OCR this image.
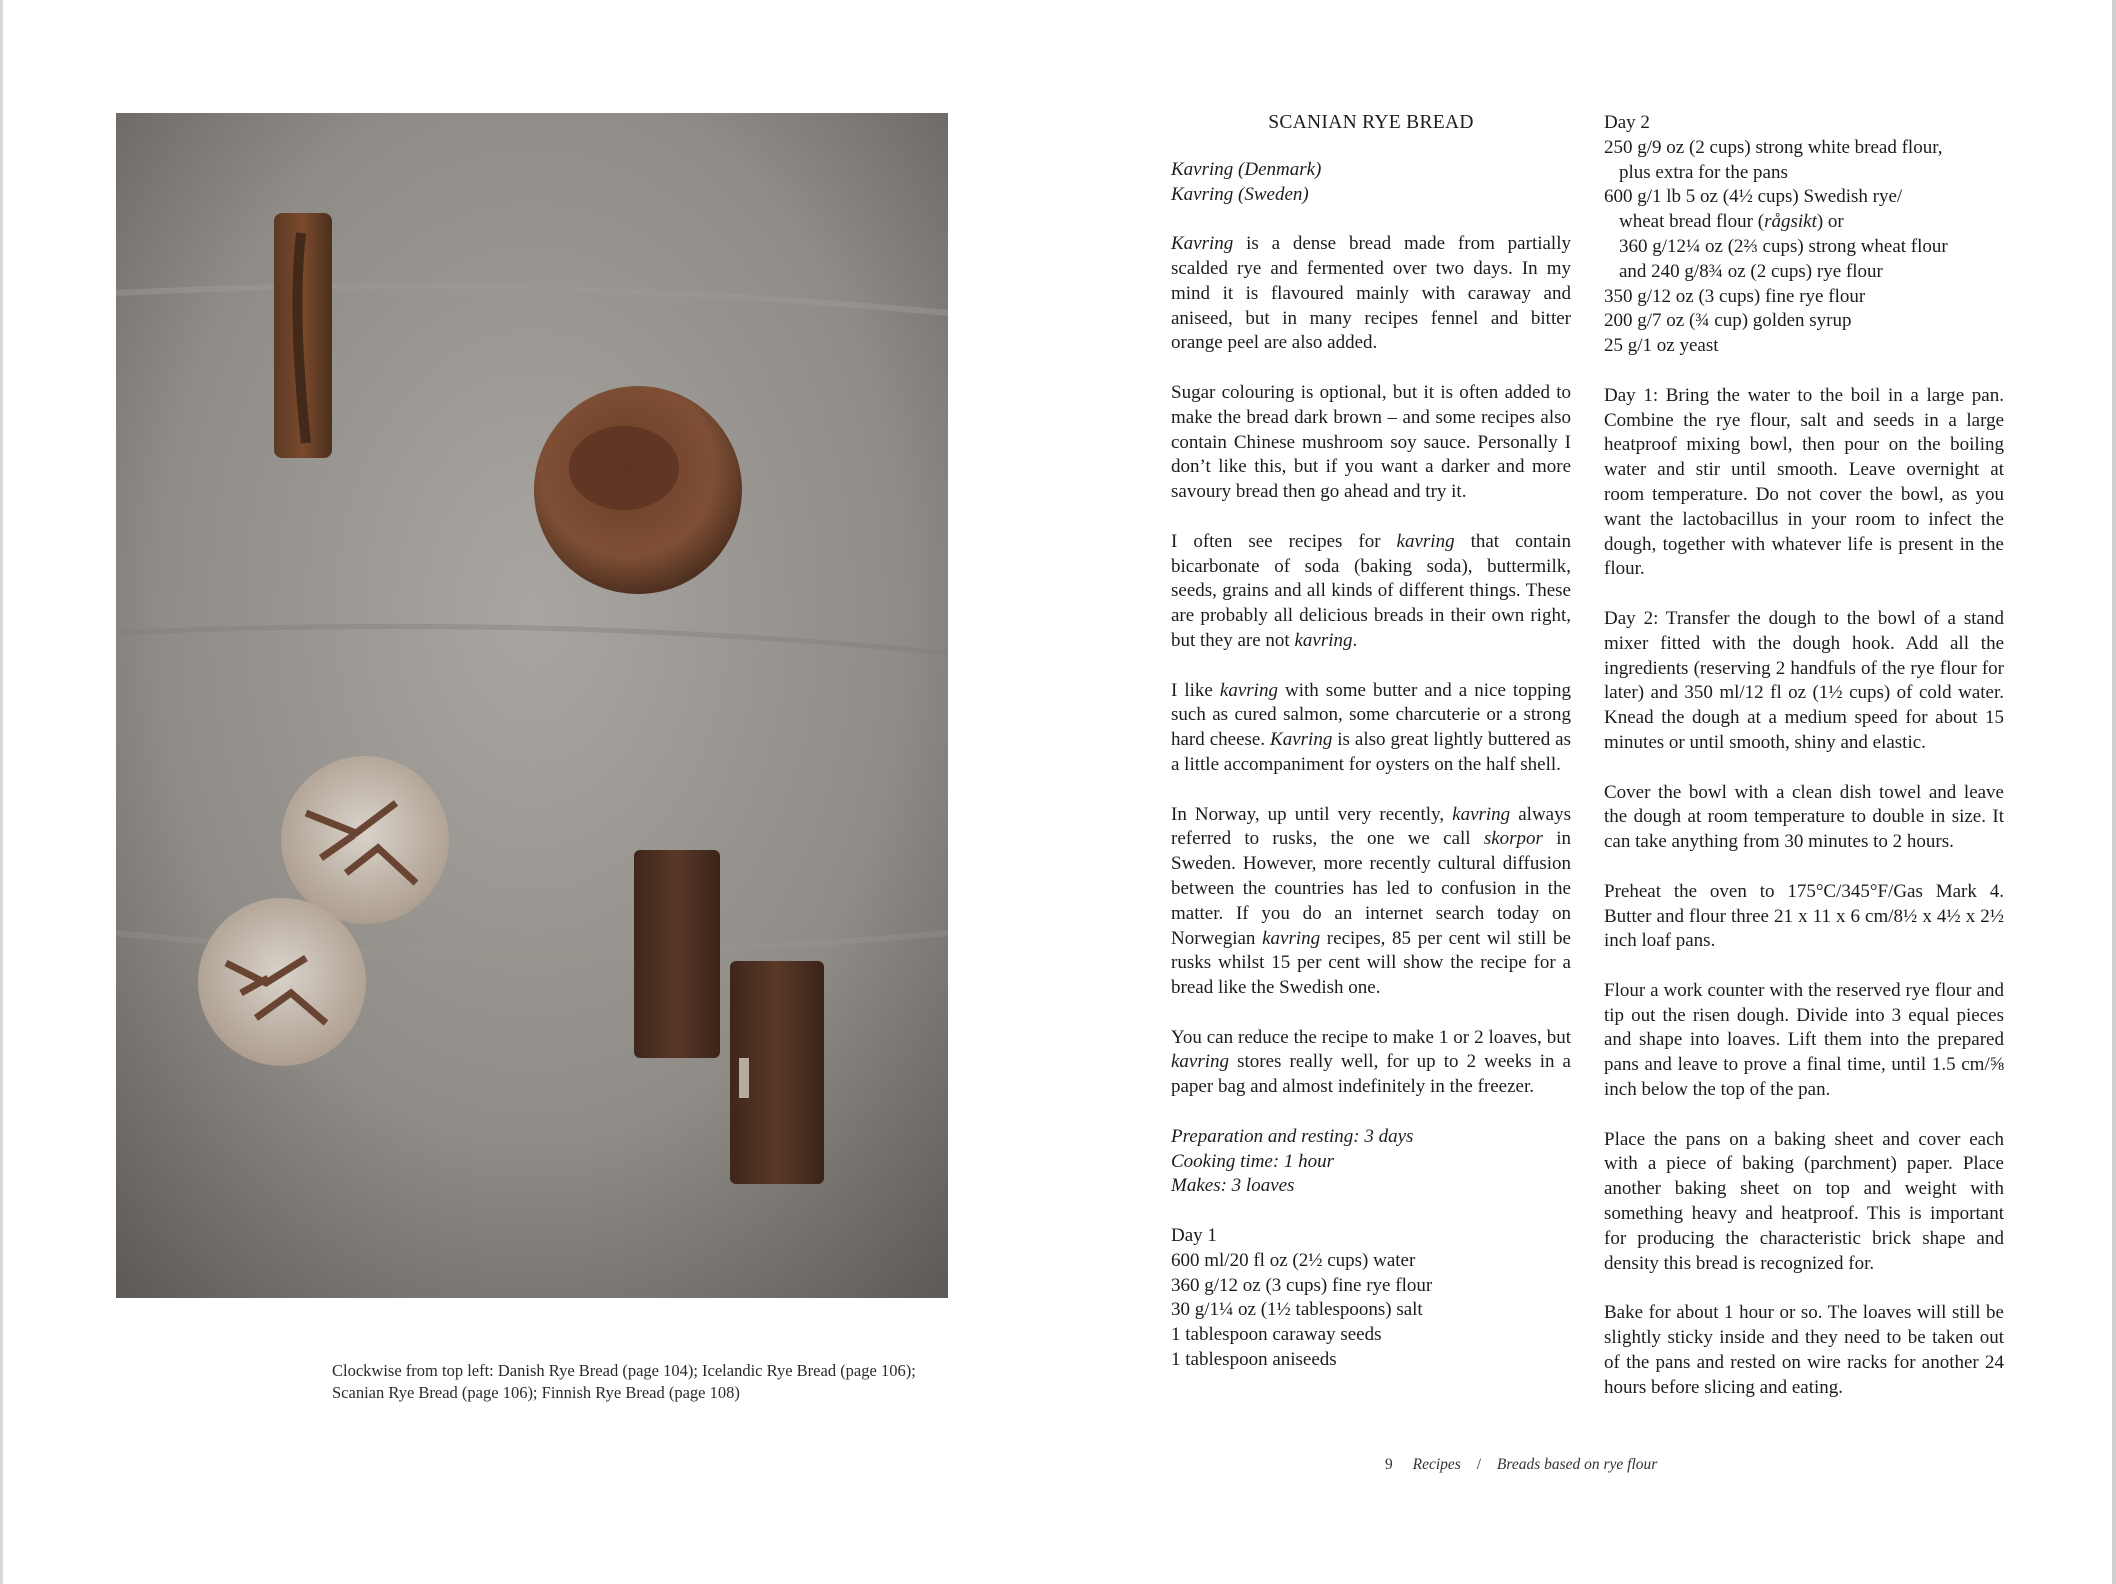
Clockwise from top left: Danish Rye Bread (page 104); Icelandic Rye Bread (page 106);
Scanian Rye Bread (page 106); Finnish Rye Bread (page 108)
SCANIAN RYE BREAD
Kavring (Denmark)
Kavring (Sweden)

Kavring is a dense bread made from partially scalded rye and fermented over two days. In my mind it is flavoured mainly with caraway and aniseed, but in many recipes fennel and bitter orange peel are also added.

Sugar colouring is optional, but it is often added to make the bread dark brown – and some recipes also contain Chinese mushroom soy sauce. Personally I don’t like this, but if you want a darker and more savoury bread then go ahead and try it.

I often see recipes for kavring that contain bicarbonate of soda (baking soda), buttermilk, seeds, grains and all kinds of different things. These are probably all delicious breads in their own right, but they are not kavring.

I like kavring with some butter and a nice topping such as cured salmon, some charcuterie or a strong hard cheese. Kavring is also great lightly buttered as a little accompaniment for oysters on the half shell.

In Norway, up until very recently, kavring always referred to rusks, the one we call skorpor in Sweden. However, more recently cultural diffusion between the countries has led to confusion in the matter. If you do an internet search today on Norwegian kavring recipes, 85 per cent wil still be rusks whilst 15 per cent will show the recipe for a bread like the Swedish one.

You can reduce the recipe to make 1 or 2 loaves, but kavring stores really well, for up to 2 weeks in a paper bag and almost indefinitely in the freezer.

Preparation and resting: 3 days
Cooking time: 1 hour
Makes: 3 loaves
Day 1
600 ml/20 fl oz (2½ cups) water
360 g/12 oz (3 cups) fine rye flour
30 g/1¼ oz (1½ tablespoons) salt
1 tablespoon caraway seeds
1 tablespoon aniseeds
Day 2
250 g/9 oz (2 cups) strong white bread flour,
plus extra for the pans
600 g/1 lb 5 oz (4½ cups) Swedish rye/
wheat bread flour (rågsikt) or
360 g/12¼ oz (2⅔ cups) strong wheat flour
and 240 g/8¾ oz (2 cups) rye flour
350 g/12 oz (3 cups) fine rye flour
200 g/7 oz (¾ cup) golden syrup
25 g/1 oz yeast

Day 1: Bring the water to the boil in a large pan. Combine the rye flour, salt and seeds in a large heatproof mixing bowl, then pour on the boiling water and stir until smooth. Leave overnight at room temperature. Do not cover the bowl, as you want the lactobacillus in your room to infect the dough, together with whatever life is present in the flour.

Day 2: Transfer the dough to the bowl of a stand mixer fitted with the dough hook. Add all the ingredients (reserving 2 handfuls of the rye flour for later) and 350 ml/12 fl oz (1½ cups) of cold water. Knead the dough at a medium speed for about 15 minutes or until smooth, shiny and elastic.

Cover the bowl with a clean dish towel and leave the dough at room temperature to double in size. It can take anything from 30 minutes to 2 hours.

Preheat the oven to 175°C/345°F/Gas Mark 4. Butter and flour three 21 x 11 x 6 cm/8½ x 4½ x 2½ inch loaf pans.

Flour a work counter with the reserved rye flour and tip out the risen dough. Divide into 3 equal pieces and shape into loaves. Lift them into the prepared pans and leave to prove a final time, until 1.5 cm/⅝ inch below the top of the pan.

Place the pans on a baking sheet and cover each with a piece of baking (parchment) paper. Place another baking sheet on top and weight with something heavy and heatproof. This is important for producing the characteristic brick shape and density this bread is recognized for.

Bake for about 1 hour or so. The loaves will still be slightly sticky inside and they need to be taken out of the pans and rested on wire racks for another 24 hours before slicing and eating.

9 Recipes / Breads based on rye flour
